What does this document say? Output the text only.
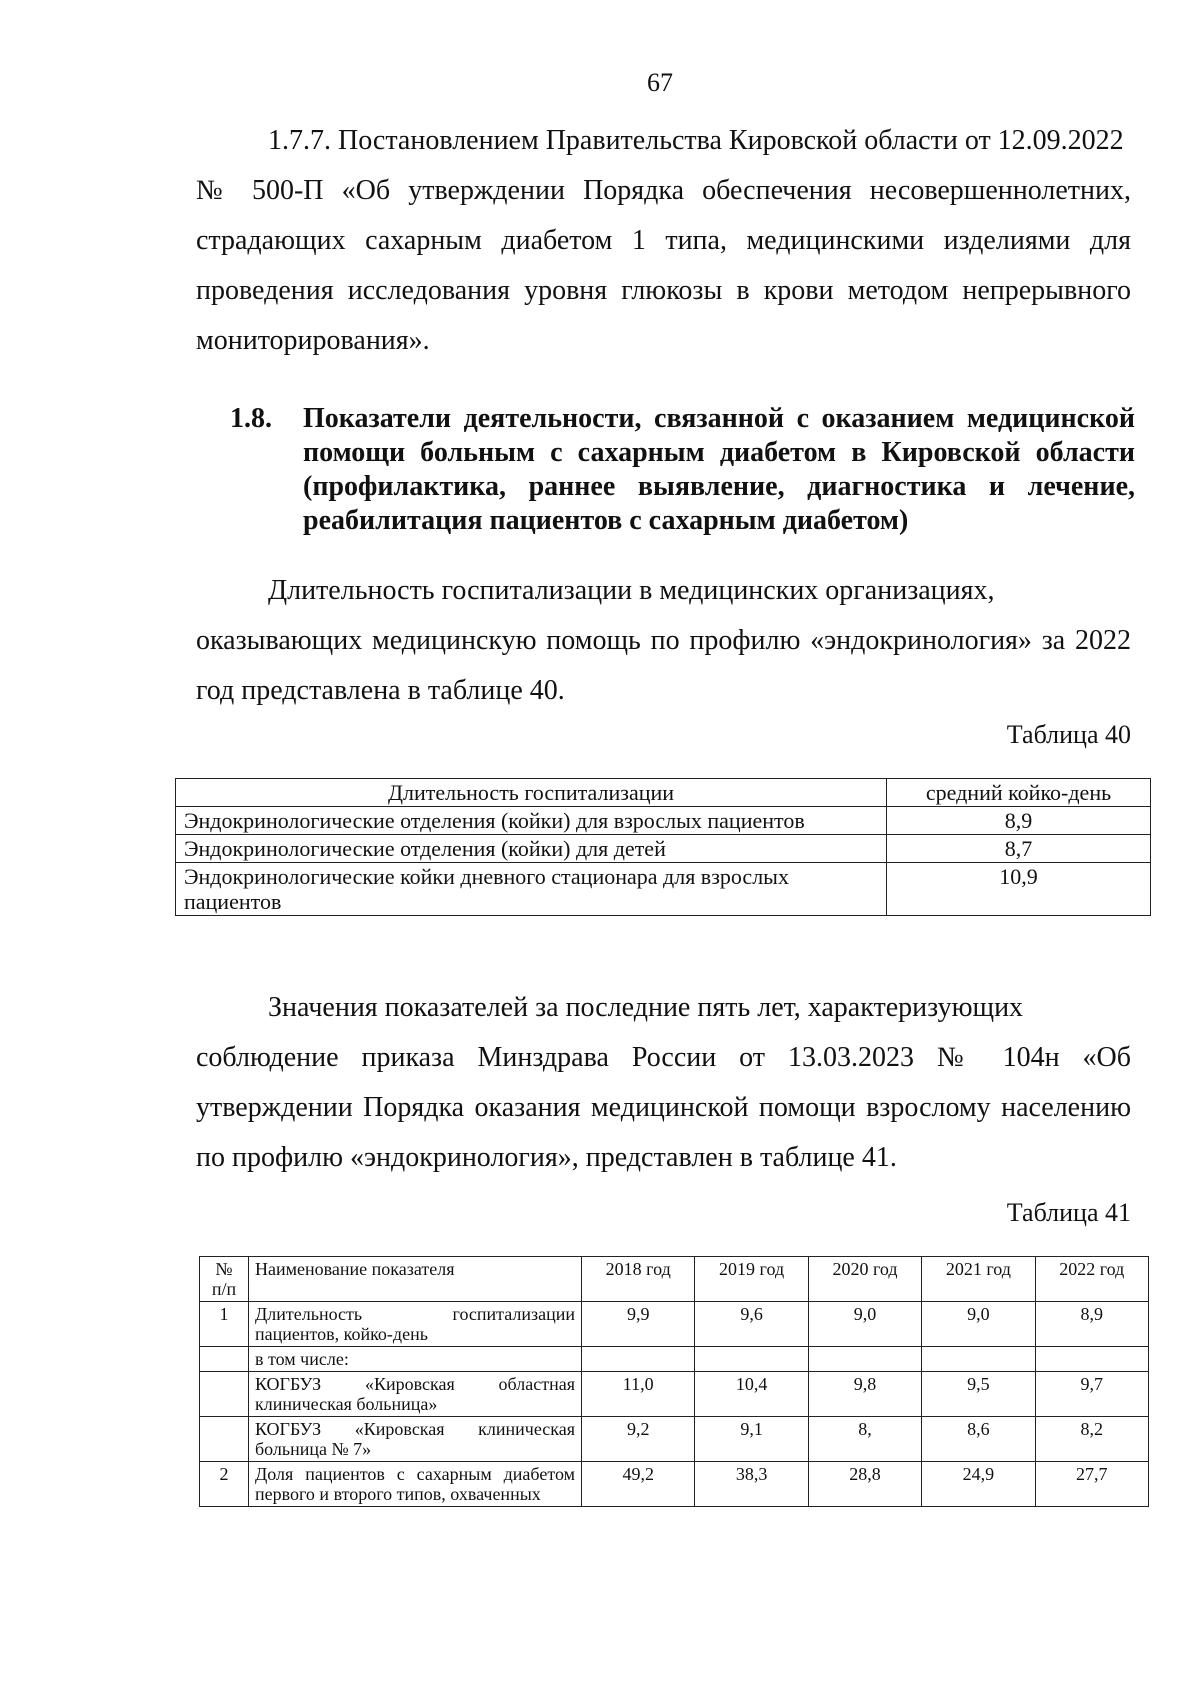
67

1.7.7. Постановлением Правительства Кировской области от 12.09.2022
№ 500-П «Об утверждении Порядка обеспечения несовершеннолетних, страдающих сахарным диабетом 1 типа, медицинскими изделиями для проведения исследования уровня глюкозы в крови методом непрерывного мониторирования».

1.8. Показатели деятельности, связанной с оказанием медицинской помощи больным с сахарным диабетом в Кировской области (профилактика, раннее выявление, диагностика и лечение, реабилитация пациентов с сахарным диабетом)

Длительность госпитализации в медицинских организациях,
оказывающих медицинскую помощь по профилю «эндокринология» за 2022 год представлена в таблице 40.

Таблица 40
Длительность госпитализации	средний койко-день
Эндокринологические отделения (койки) для взрослых пациентов	8,9
Эндокринологические отделения (койки) для детей	8,7
Эндокринологические койки дневного стационара для взрослых пациентов	10,9

Значения показателей за последние пять лет, характеризующих
соблюдение приказа Минздрава России от 13.03.2023 № 104н «Об утверждении Порядка оказания медицинской помощи взрослому населению по профилю «эндокринология», представлен в таблице 41.

Таблица 41
№ п/п	Наименование показателя	2018 год	2019 год	2020 год	2021 год	2022 год
1	Длительность госпитализации пациентов, койко-день	9,9	9,6	9,0	9,0	8,9
	в том числе:					
	КОГБУЗ «Кировская областная клиническая больница»	11,0	10,4	9,8	9,5	9,7
	КОГБУЗ «Кировская клиническая больница № 7»	9,2	9,1	8,	8,6	8,2
2	Доля пациентов с сахарным диабетом первого и второго типов, охваченных	49,2	38,3	28,8	24,9	27,7
